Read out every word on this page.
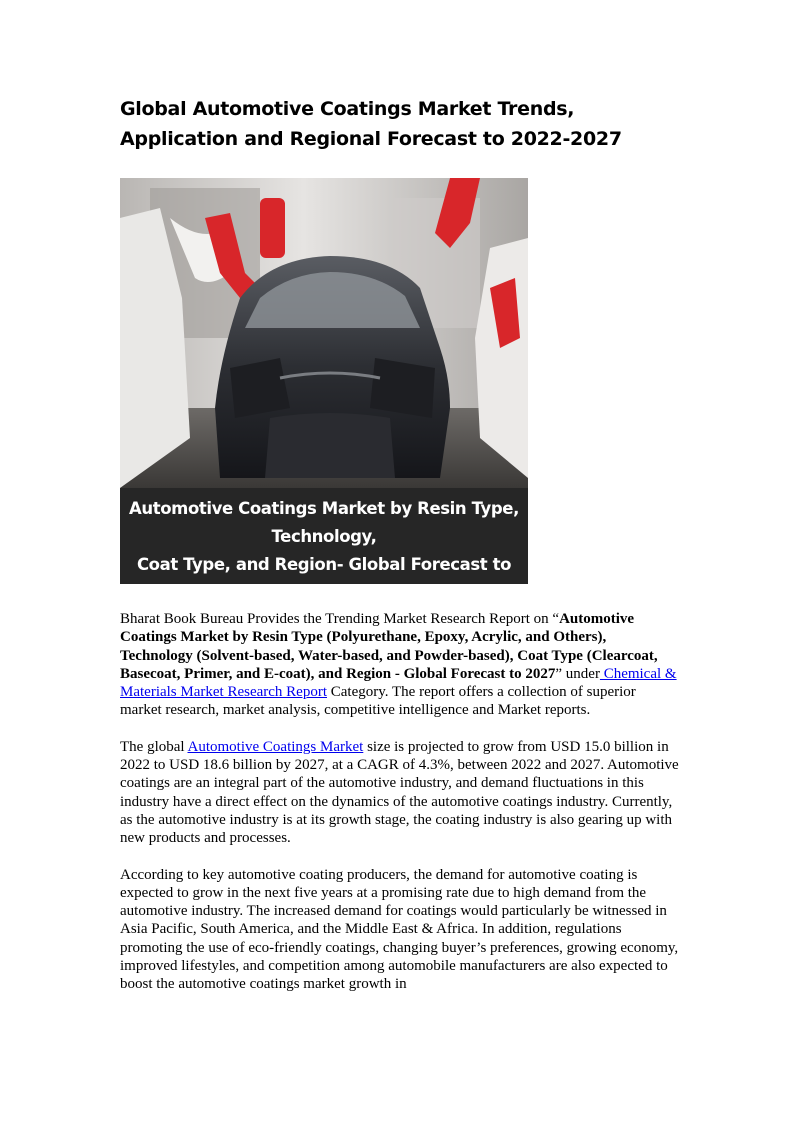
Global Automotive Coatings Market Trends,
Application and Regional Forecast to 2022-2027
Automotive Coatings Market by Resin Type, Technology,
Coat Type, and Region- Global Forecast to

Bharat Book Bureau Provides the Trending Market Research Report on “Automotive Coatings Market by Resin Type (Polyurethane, Epoxy, Acrylic, and Others), Technology (Solvent-based, Water-based, and Powder-based), Coat Type (Clearcoat, Basecoat, Primer, and E-coat), and Region - Global Forecast to 2027” under Chemical & Materials Market Research Report Category. The report offers a collection of superior market research, market analysis, competitive intelligence and Market reports.

The global Automotive Coatings Market size is projected to grow from USD 15.0 billion in 2022 to USD 18.6 billion by 2027, at a CAGR of 4.3%, between 2022 and 2027. Automotive coatings are an integral part of the automotive industry, and demand fluctuations in this industry have a direct effect on the dynamics of the automotive coatings industry. Currently, as the automotive industry is at its growth stage, the coating industry is also gearing up with new products and processes.

According to key automotive coating producers, the demand for automotive coating is expected to grow in the next five years at a promising rate due to high demand from the automotive industry. The increased demand for coatings would particularly be witnessed in Asia Pacific, South America, and the Middle East & Africa. In addition, regulations promoting the use of eco-friendly coatings, changing buyer’s preferences, growing economy, improved lifestyles, and competition among automobile manufacturers are also expected to boost the automotive coatings market growth in
